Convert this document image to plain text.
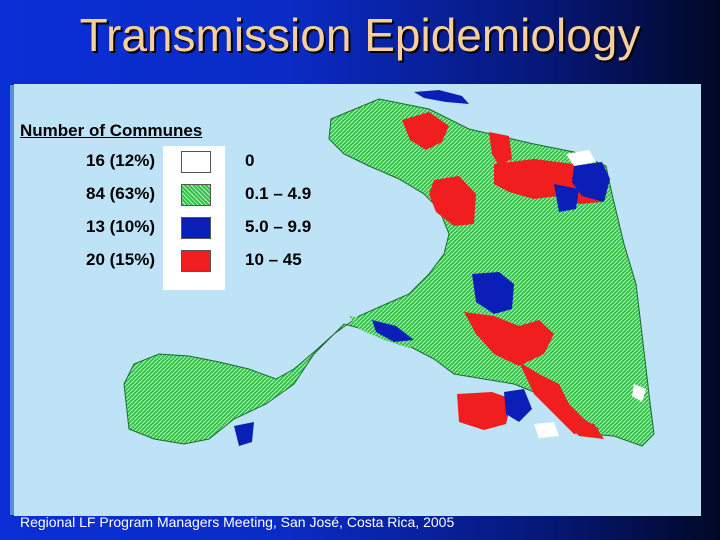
Transmission Epidemiology
Number of Communes
16 (12%)	0
84 (63%)	0.1 – 4.9
13 (10%)	5.0 – 9.9
20 (15%)	10 – 45
Regional LF Program Managers Meeting, San José, Costa Rica, 2005
